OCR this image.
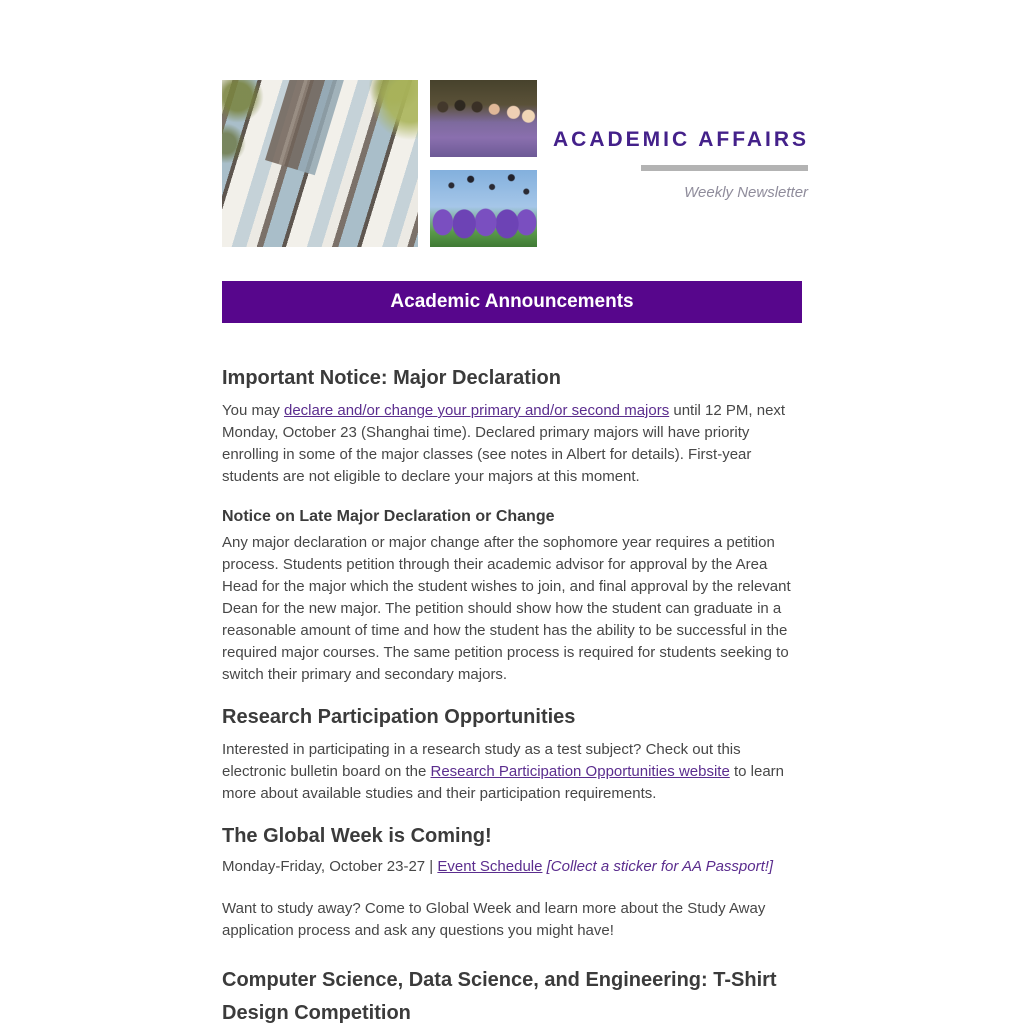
ACADEMIC AFFAIRS
Weekly Newsletter
Academic Announcements
Important Notice: Major Declaration

You may declare and/or change your primary and/or second majors until 12 PM, next Monday, October 23 (Shanghai time). Declared primary majors will have priority enrolling in some of the major classes (see notes in Albert for details). First-year students are not eligible to declare your majors at this moment.

Notice on Late Major Declaration or Change

Any major declaration or major change after the sophomore year requires a petition process. Students petition through their academic advisor for approval by the Area Head for the major which the student wishes to join, and final approval by the relevant Dean for the new major. The petition should show how the student can graduate in a reasonable amount of time and how the student has the ability to be successful in the required major courses. The same petition process is required for students seeking to switch their primary and secondary majors.

Research Participation Opportunities

Interested in participating in a research study as a test subject? Check out this electronic bulletin board on the Research Participation Opportunities website to learn more about available studies and their participation requirements.

The Global Week is Coming!

Monday-Friday, October 23-27 | Event Schedule [Collect a sticker for AA Passport!]

Want to study away? Come to Global Week and learn more about the Study Away application process and ask any questions you might have!

Computer Science, Data Science, and Engineering: T-Shirt Design Competition
